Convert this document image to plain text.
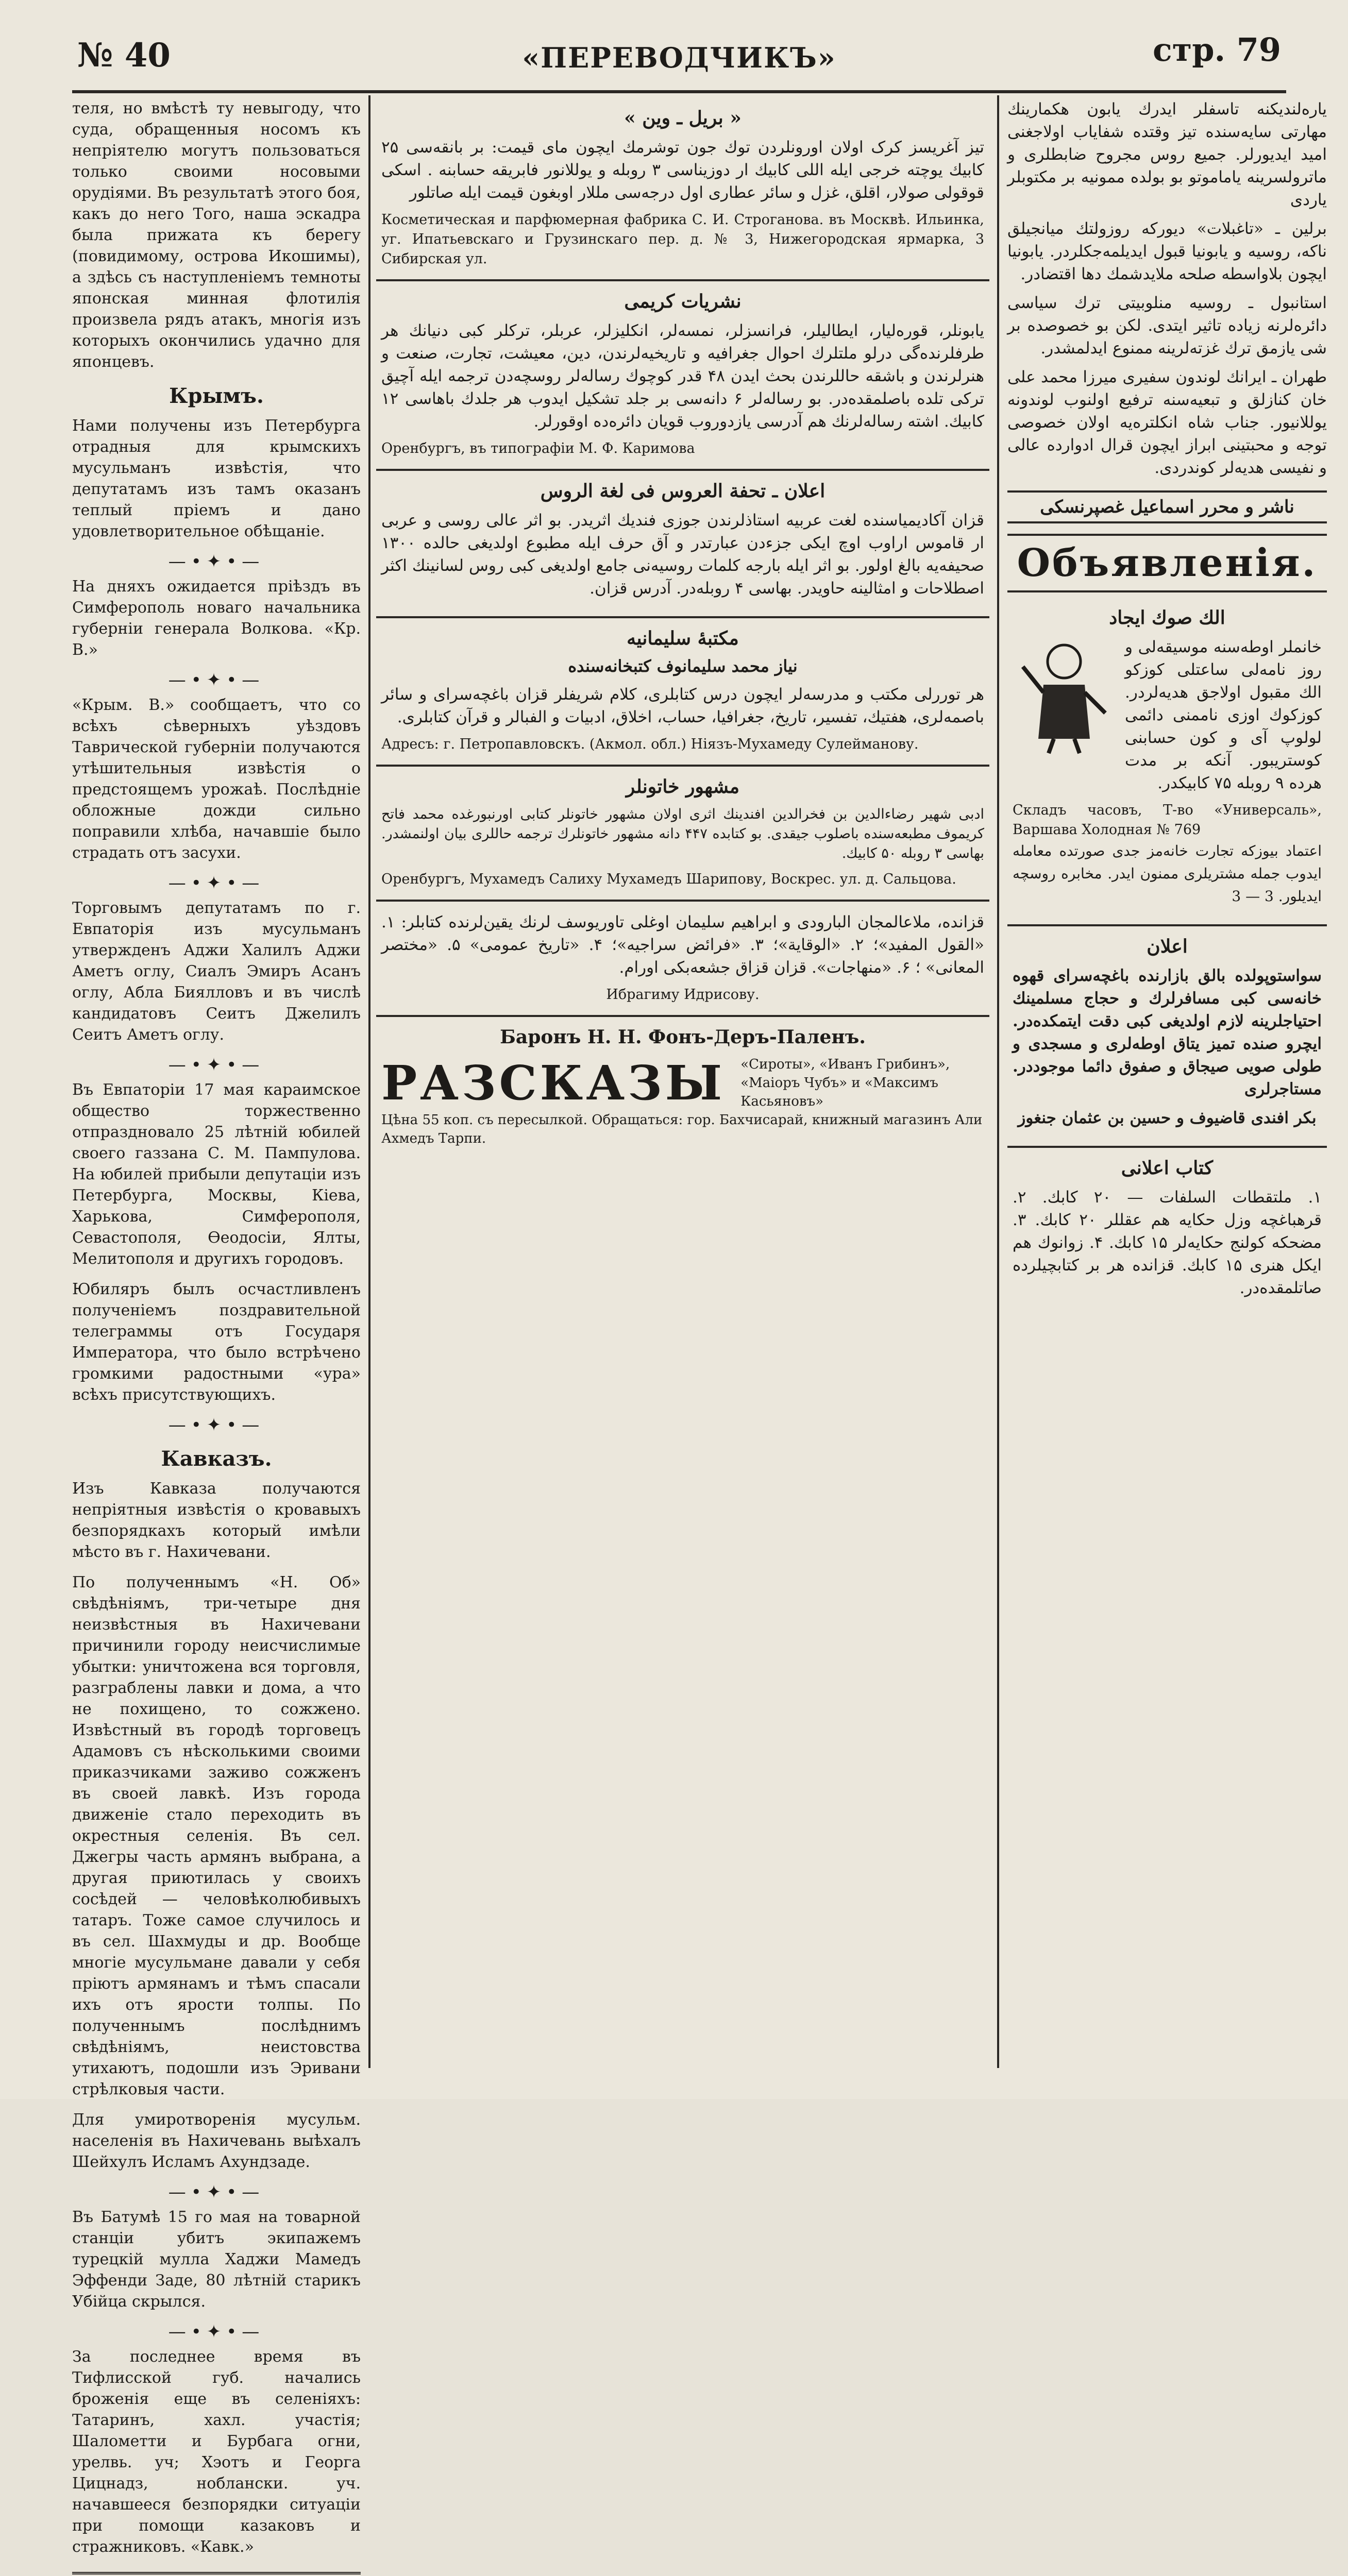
№ 40	«ПЕРЕВОДЧИКЪ»	стр. 79

теля, но вмѣстѣ ту невыгоду, что суда, обращенныя носомъ къ непріятелю могутъ пользоваться только своими носовыми орудіями. Въ результатѣ этого боя, какъ до него Того, наша эскадра была прижата къ берегу (повидимому, острова Икошимы), а здѣсь съ наступленіемъ темноты японская минная флотилія произвела рядъ атакъ, многія изъ которыхъ окончились удачно для японцевъ.

Крымъ.

Нами получены изъ Петербурга отрадныя для крымскихъ мусульманъ извѣстія, что депутатамъ изъ тамъ оказанъ теплый пріемъ и дано удовлетворительное обѣщаніе.

—•✦•—

На дняхъ ожидается пріѣздъ въ Симферополь новаго начальника губерніи генерала Волкова. «Кр. В.»

—•✦•—

«Крым. В.» сообщаетъ, что со всѣхъ сѣверныхъ уѣздовъ Таврической губерніи получаются утѣшительныя извѣстія о предстоящемъ урожаѣ. Послѣдніе обложные дожди сильно поправили хлѣба, начавшіе было страдать отъ засухи.

—•✦•—

Торговымъ депутатамъ по г. Евпаторія изъ мусульманъ утвержденъ Аджи Халилъ Аджи Аметъ оглу, Сиалъ Эмиръ Асанъ оглу, Абла Биялловъ и въ числѣ кандидатовъ Сеитъ Джелилъ Сеитъ Аметъ оглу.

—•✦•—

Въ Евпаторіи 17 мая караимское общество торжественно отпраздновало 25 лѣтній юбилей своего газзана С. М. Пампулова. На юбилей прибыли депутаціи изъ Петербурга, Москвы, Кіева, Харькова, Симферополя, Севастополя, Ѳеодосіи, Ялты, Мелитополя и другихъ городовъ.

Юбиляръ былъ осчастливленъ полученіемъ поздравительной телеграммы отъ Государя Императора, что было встрѣчено громкими радостными «ура» всѣхъ присутствующихъ.

—•✦•—
Кавказъ.

Изъ Кавказа получаются непріятныя извѣстія о кровавыхъ безпорядкахъ который имѣли мѣсто въ г. Нахичевани.

По полученнымъ «Н. Об» свѣдѣніямъ, три-четыре дня неизвѣстныя въ Нахичевани причинили городу неисчислимые убытки: уничтожена вся торговля, разграблены лавки и дома, а что не похищено, то сожжено. Извѣстный въ городѣ торговецъ Адамовъ съ нѣсколькими своими приказчиками заживо сожженъ въ своей лавкѣ. Изъ города движеніе стало переходить въ окрестныя селенія. Въ сел. Джегры часть армянъ выбрана, а другая приютилась у своихъ сосѣдей — человѣколюбивыхъ татаръ. Тоже самое случилось и въ сел. Шахмуды и др. Вообще многіе мусульмане давали у себя пріютъ армянамъ и тѣмъ спасали ихъ отъ ярости толпы. По полученнымъ послѣднимъ свѣдѣніямъ, неистовства утихаютъ, подошли изъ Эривани стрѣлковыя части.

Для умиротворенія мусульм. населенія въ Нахичевань выѣхалъ Шейхулъ Исламъ Ахундзаде.

—•✦•—

Въ Батумѣ 15 го мая на товарной станціи убитъ экипажемъ турецкій мулла Хаджи Мамедъ Эффенди Заде, 80 лѣтній старикъ Убійца скрылся.

—•✦•—

За последнее время въ Тифлисской губ. начались броженія еще въ селеніяхъ: Татаринъ, хахл. участія; Шалометти и Бурбага огни, урелвь. уч; Хэотъ и Георга Цицнадз, ноблански. уч. начавшееся безпорядки ситуаціи при помощи казаковъ и стражниковъ. «Кавк.»

« بریل ـ وین »
تیز آغریسز کرک اولان اورونلردن توك جون توشرمك ایچون مای قیمت: بر بانقه‌سی ۲۵ کابیك یوچته خرجی ایله اللی کابیك ار دوزیناسی ۳ روبله و یوللانور فابریقه حسابنه . اسکی قوقولی صولار، اقلق، غزل و سائر عطاری اول درجه‌سی مللار اوبغون قیمت ایله صاتلور
Косметическая и парфюмерная фабрика С. И. Строганова. въ Москвѣ. Ильинка, уг. Ипатьевскаго и Грузинскаго пер. д. № 3, Нижегородская ярмарка, 3 Сибирская ул.
نشریات کریمی
یابونلر، قوره‌لیار، ایطالیلر، فرانسزلر، نمسه‌لر، انکلیزلر، عربلر، ترکلر کبی دنیانك هر طرفلرنده‌گی درلو ملتلرك احوال جغرافیه و تاریخیه‌لرندن، دین، معیشت، تجارت، صنعت و هنرلرندن و باشقه حاللرندن بحث ایدن ۴۸ قدر کوچوك رساله‌لر روسچه‌دن ترجمه ایله آچیق ترکی تلده باصلمقده‌در. بو رساله‌لر ۶ دانه‌سی بر جلد تشکیل ایدوب هر جلدك باهاسی ۱۲ کابیك. اشته رساله‌لرنك هم آدرسی یازدوروب قویان دائره‌ده اوقورلر.
Оренбургъ, въ типографіи М. Ф. Каримова
اعلان ـ تحفة العروس فی لغة الروس
قزان آکادیمیاسنده لغت عربیه استاذلرندن جوزی فندیك اثریدر. بو اثر عالی روسی و عربی ار قاموس اراوب اوچ ایکی جزءدن عبارتدر و آق حرف ایله مطبوع اولدیغی حالده ۱۳۰۰ صحیفه‌یه بالغ اولور. بو اثر ایله بارجه کلمات روسیه‌نی جامع اولدیغی کبی روس لسانینك اکثر اصطلاحات و امثالینه حاویدر. بهاسی ۴ روبله‌در. آدرس قزان.
مکتبهٔ سلیمانیه
نیاز محمد سلیمانوف کتبخانه‌سنده
هر توررلی مکتب و مدرسه‌لر ایچون درس کتابلری، کلام شریفلر قزان باغچه‌سرای و سائر باصمه‌لری، هفتیك، تفسیر، تاریخ، جغرافیا، حساب، اخلاق، ادبیات و الفبالر و قرآن کتابلری.
Адресъ: г. Петропавловскъ. (Акмол. обл.) Ніязъ-Мухамеду Сулейманову.
مشهور خاتونلر
ادبی شهیر رضاءالدین بن فخرالدین افندینك اثری اولان مشهور خاتونلر کتابی اورنبورغده محمد فاتح کریموف مطبعه‌سنده باصلوب جیقدی. بو کتابده ۴۴۷ دانه مشهور خاتونلرك ترجمه حاللری بیان اولنمشدر. بهاسی ۳ روبله ۵۰ کابیك.
Оренбургъ, Мухамедъ Салиху Мухамедъ Шарипову, Воскрес. ул. д. Сальцова.
قزانده، ملاعالمجان البارودی و ابراهیم سلیمان اوغلی تاوریوسف لرنك یقین‌لرنده کتابلر: ۱. «القول المفید»؛ ۲. «الوقایة»؛ ۳. «فرائض سراجیه»؛ ۴. «تاریخ عمومی» ۵. «مختصر المعانی» ؛ ۶. «منهاجات». قزان قزاق جشعه‌بکی اورام.
Ибрагиму Идрисову.
Баронъ Н. Н. Фонъ-Деръ-Паленъ.
РАЗСКАЗЫ «Сироты», «Иванъ Грибинъ», «Маіоръ Чубъ» и «Максимъ Касьяновъ»
Цѣна 55 коп. съ пересылкой. Обращаться: гор. Бахчисарай, книжный магазинъ Али Ахмедъ Тарпи.
یاره‌لندیکنه تاسفلر ایدرك یابون هکمارینك مهارتی سایه‌سنده تیز وقتده شفایاب اولاجغنی امید ایدیورلر. جمیع روس مجروح ضابطلری و ماترولسرینه یاماموتو بو بولده ممونیه بر مکتوبلر یاردی
برلین ـ «تاغبلات» دیورکه روزولتك میانجیلق ناکه، روسیه و یابونیا قبول ایدیلمه‌جکلردر. یابونیا ایچون بلاواسطه صلحه ملایدشمك دها اقتضادر.
استانبول ـ روسیه منلوبیتی ترك سیاسی دائره‌لرنه زیاده تاثیر ایتدی. لکن بو خصوصده بر شی یازمق ترك غزته‌لرینه ممنوع ایدلمشدر.
طهران ـ ایرانك لوندون سفیری میرزا محمد علی خان کنازلق و تبعیه‌سنه ترفیع اولنوب لوندونه یوللانیور. جناب شاه انکلتره‌یه اولان خصوصی توجه و محبتینی ابراز ایچون قرال ادوارده عالی و نفیسی هدیه‌لر کوندردی.
ناشر و محرر اسماعیل غصپرنسکی
Объявленія.
الك صوك ایجاد
خانملر اوطه‌سنه موسیقه‌لی و روز نامه‌لی ساعتلی کوزکو الك مقبول اولاجق هدیه‌لردر. کوزکوك اوزی ناممنی دائمی لولوپ آی و کون حسابنی کوستریبور. آنکه بر مدت هرده ۹ روبله ۷۵ کابیکدر.
Складъ часовъ, Т-во «Универсаль», Варшава Холодная № 769
اعتماد بیوزکه تجارت خانه‌مز جدی صورتده معامله ایدوب جمله مشتریلری ممنون ایدر. مخابره روسچه ایدیلور. 3 — 3
اعلان
سواستوپولده بالق بازارنده باغچه‌سرای قهوه خانه‌سی کبی مسافرلرك و حجاج مسلمینك احتیاجلرینه لازم اولدیغی کبی دقت ایتمکده‌در. ایچرو صنده تمیز یتاق اوطه‌لری و مسجدی و طولی صویی صیجاق و صفوق دائما موجوددر. مستاجرلری
بکر افندی قاضیوف و حسین بن عثمان جنغوز
کتاب اعلانی
۱. ملتقطات السلفات — ۲۰ کابك. ۲. قرهباغچه وزل حکایه هم عقللر ۲۰ کابك. ۳. مضحکه کولنج حکایه‌لر ۱۵ کابك. ۴. زوانوك هم ایکل هنری ۱۵ کابك. قزانده هر بر کتابچیلرده صاتلمقده‌در.
